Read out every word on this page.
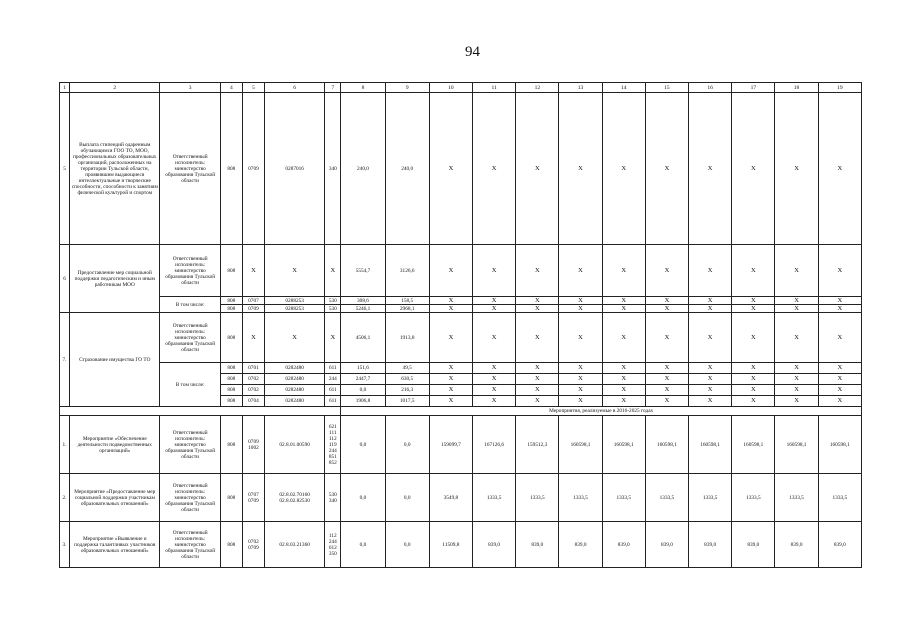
94
1	2	3	4	5	6	7	8	9	10	11	12	13	14	15	16	17	18	19
5	Выплата стипендий одаренным обучающимся ГОО ТО, МОО, профессиональных образовательных организаций, расположенных на территории Тульской области, проявившим выдающиеся интеллектуальные и творческие способности, способности к занятиям физической культурой и спортом	Ответственный исполнитель: министерство образования Тульской области	808	0709	0287016	340	240,0	240,0	X	X	X	X	X	X	X	X	X	X
6	Предоставление мер социальной поддержки педагогическим и иным работникам МОО	Ответственный исполнитель: министерство образования Тульской области	808	X	X	X	5554,7	3126,6	X	X	X	X	X	X	X	X	X	X
		В том числе:	808	0707	0288253	530	308,6	158,5	X	X	X	X	X	X	X	X	X	X
			808	0709	0288253	530	5246,1	2968,1	X	X	X	X	X	X	X	X	X	X
7.	Страхование имущества ГО ТО	Ответственный исполнитель: министерство образования Тульской области	808	X	X	X	4506,1	1913,8	X	X	X	X	X	X	X	X	X	X
		В том числе:	808	0701	0282480	611	151,6	49,5	X	X	X	X	X	X	X	X	X	X
			808	0702	0282480	244	2447,7	630,5	X	X	X	X	X	X	X	X	X	X
			808	0702	0282480	611	0,0	216,3	X	X	X	X	X	X	X	X	X	X
			808	0704	0282480	611	1906,8	1017,5	X	X	X	X	X	X	X	X	X	X
							Мероприятия, реализуемые в 2016-2025 годах											
1.	Мероприятие «Обеспечение деятельности подведомственных организаций»	Ответственный исполнитель: министерство образования Тульской области	808	0709 1002	02.8.01.00590	621 111 112 119 244 851 852	0,0	0,0	159099,7	167126,6	159512,3	160598,1	160598,1	160598,1	160598,1	160598,1	160598,1	160598,1
2.	Мероприятие «Предоставление мер социальной поддержки участникам образовательных отношений»	Ответственный исполнитель: министерство образования Тульской области	808	0707 0709	02.8.02.70160 02.8.02.82530	530 340	0,0	0,0	3549,8	1333,5	1333,5	1333,5	1333,5	1333,5	1333,5	1333,5	1333,5	1333,5
3.	Мероприятие «Выявление и поддержка талантливых участников образовательных отношений»	Ответственный исполнитель: министерство образования Тульской области	808	0702 0709	02.8.03.21360	112 244 612 350	0,0	0,0	11509,8	839,0	839,0	839,0	839,0	839,0	839,0	839,0	839,0	839,0
